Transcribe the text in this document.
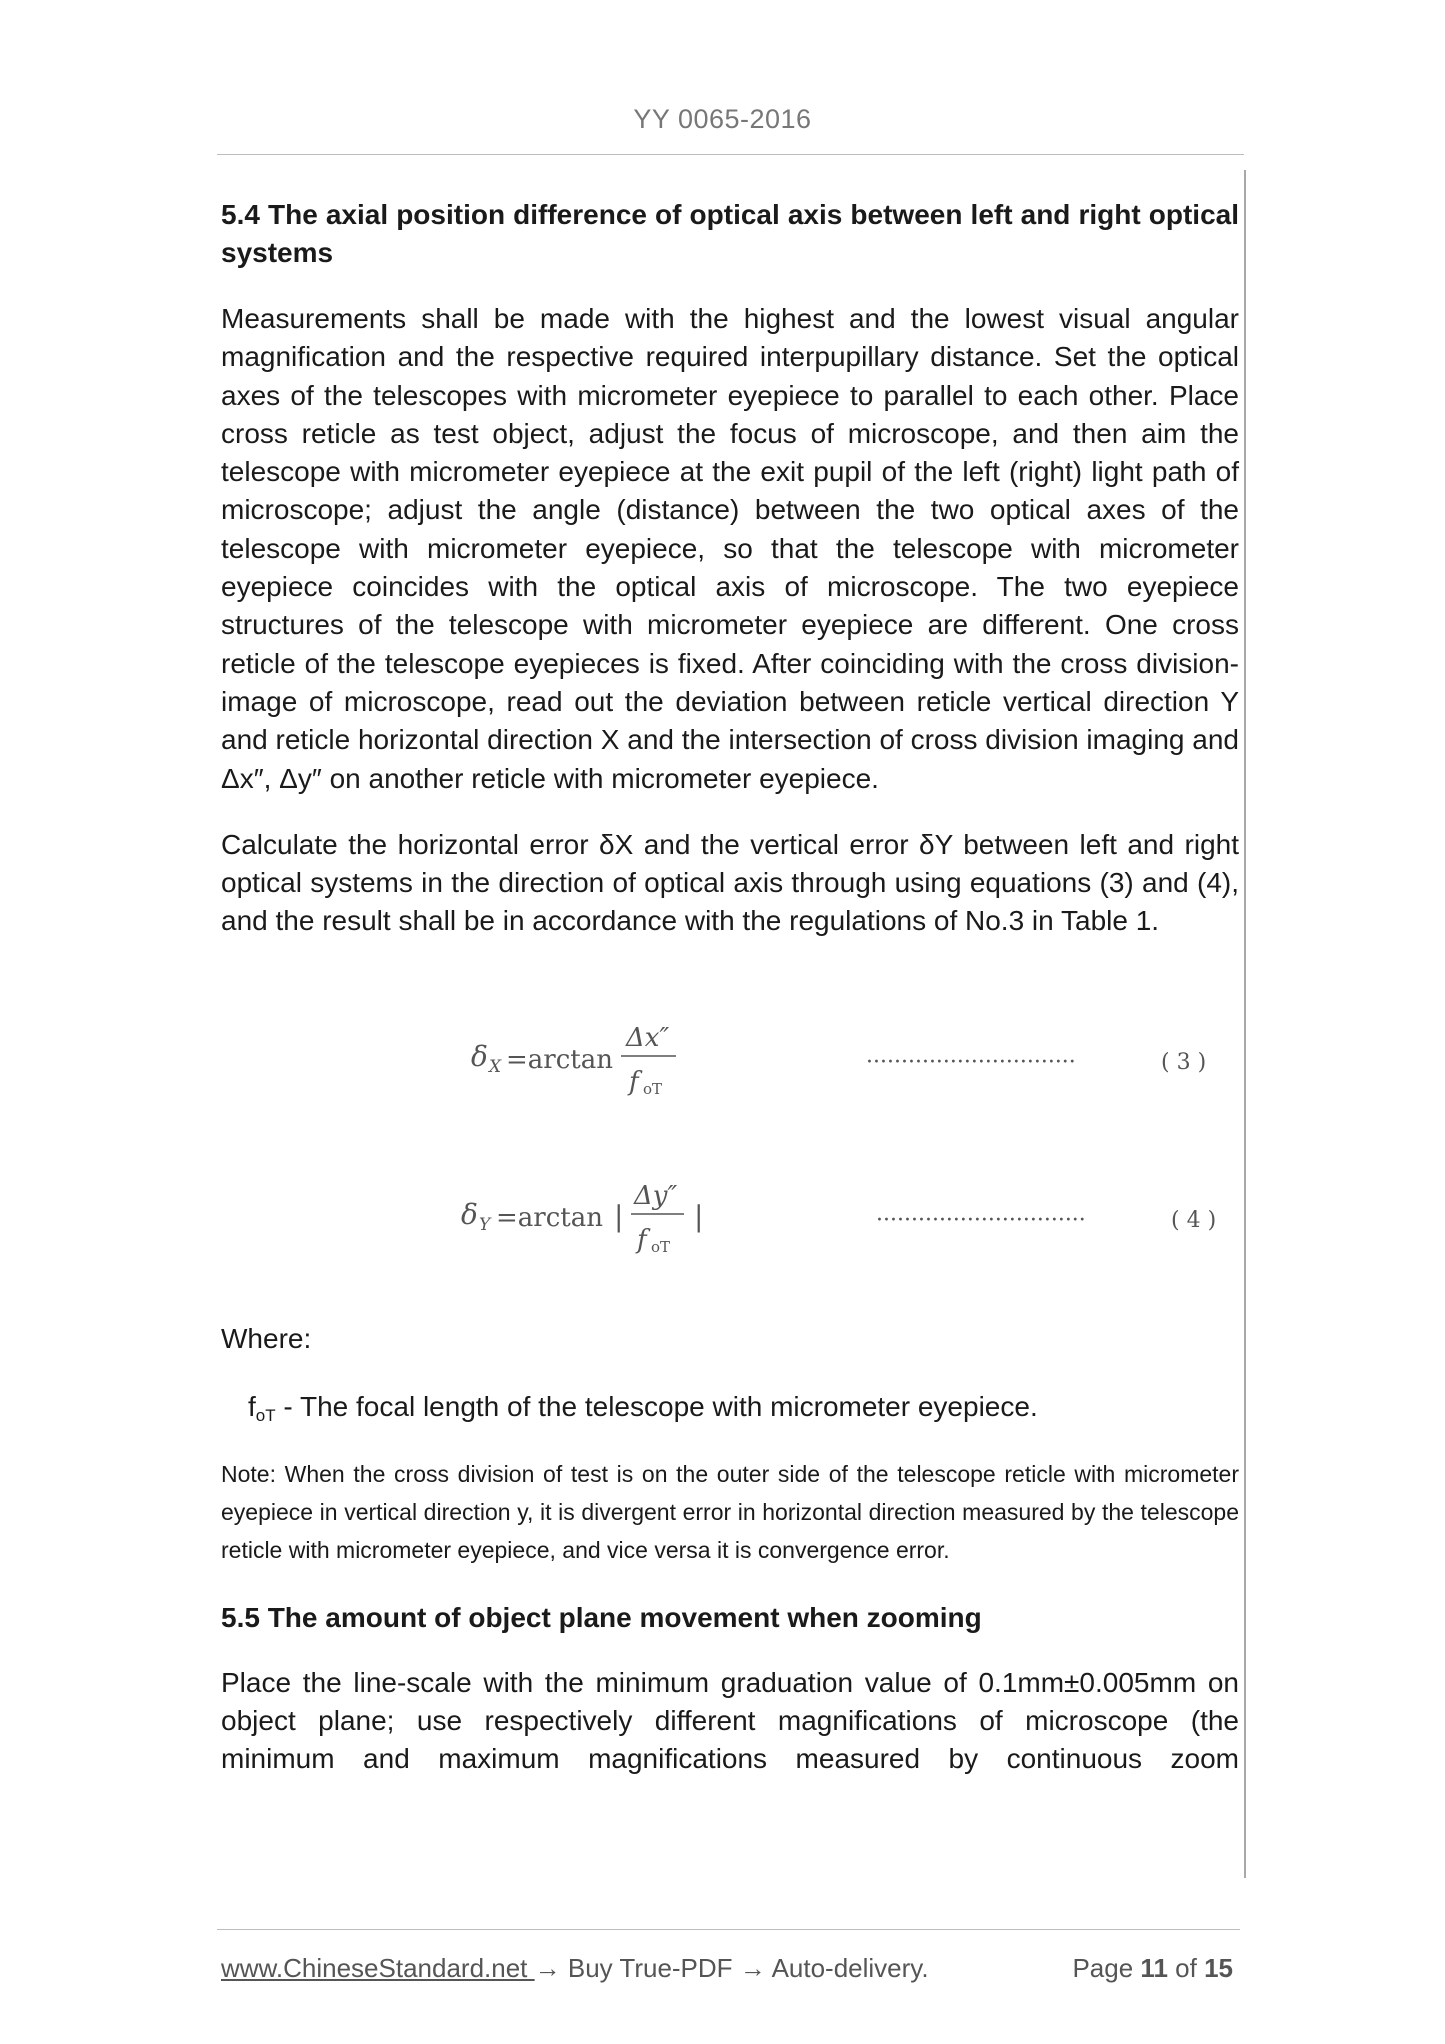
YY 0065-2016

5.4 The axial position difference of optical axis between left and right optical systems

Measurements shall be made with the highest and the lowest visual angular magnification and the respective required interpupillary distance. Set the optical axes of the telescopes with micrometer eyepiece to parallel to each other. Place cross reticle as test object, adjust the focus of microscope, and then aim the telescope with micrometer eyepiece at the exit pupil of the left (right) light path of microscope; adjust the angle (distance) between the two optical axes of the telescope with micrometer eyepiece, so that the telescope with micrometer eyepiece coincides with the optical axis of microscope. The two eyepiece structures of the telescope with micrometer eyepiece are different. One cross reticle of the telescope eyepieces is fixed. After coinciding with the cross division-image of microscope, read out the deviation between reticle vertical direction Y and reticle horizontal direction X and the intersection of cross division imaging and Δx″, Δy″ on another reticle with micrometer eyepiece.

Calculate the horizontal error δX and the vertical error δY between left and right optical systems in the direction of optical axis through using equations (3) and (4), and the result shall be in accordance with the regulations of No.3 in Table 1.

δ X =arctan
Δx″
f oT
······························	( 3 )
δ Y =arctan |
Δy″
f oT
|	······························	( 4 )
Where:
$f_{oT}$ - The focal length of the telescope with micrometer eyepiece.

Note: When the cross division of test is on the outer side of the telescope reticle with micrometer eyepiece in vertical direction y, it is divergent error in horizontal direction measured by the telescope reticle with micrometer eyepiece, and vice versa it is convergence error.

5.5 The amount of object plane movement when zooming

Place the line-scale with the minimum graduation value of 0.1mm±0.005mm on object plane; use respectively different magnifications of microscope (the minimum and maximum magnifications measured by continuous zoom

www.ChineseStandard.net → Buy True-PDF → Auto-delivery.	Page 11 of 15
